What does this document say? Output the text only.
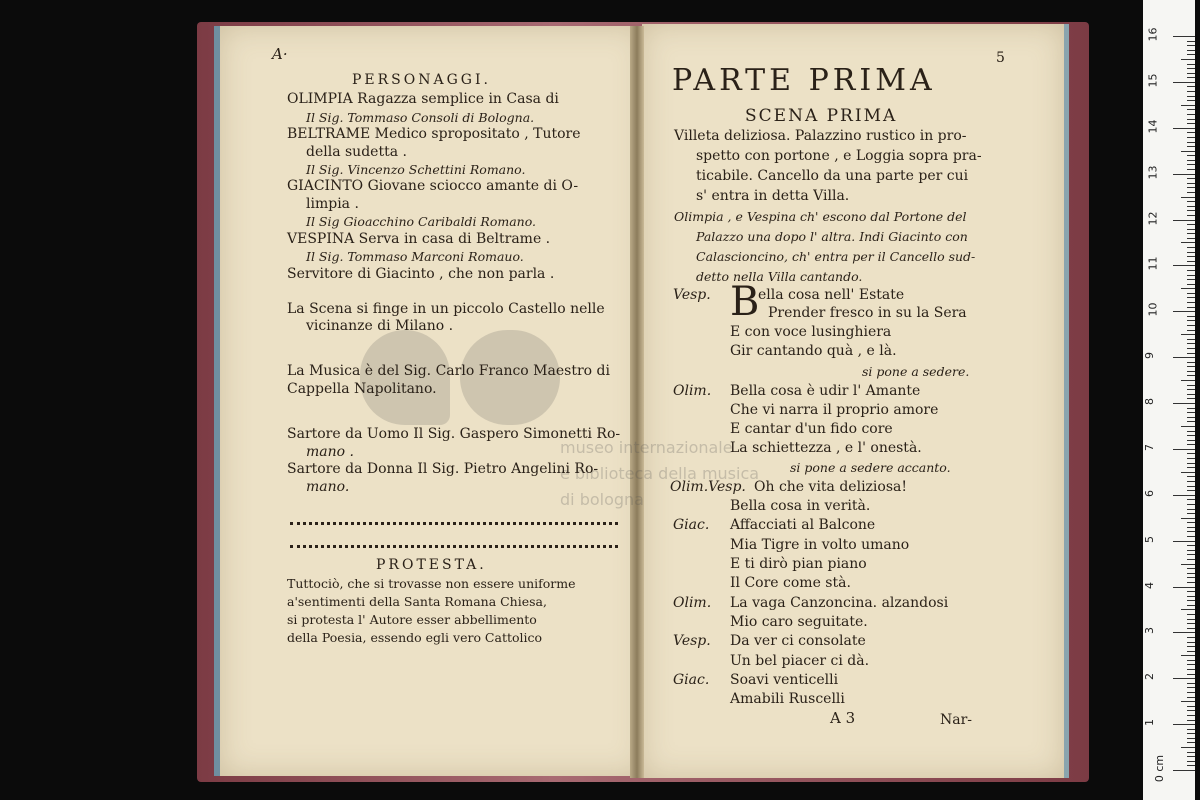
museo internazionale
e biblioteca della musica
di bologna
A·
PERSONAGGI.
OLIMPIA Ragazza semplice in Casa di
Il Sig. Tommaso Consoli di Bologna.
BELTRAME Medico spropositato , Tutore
della sudetta .
Il Sig. Vincenzo Schettini Romano.
GIACINTO Giovane sciocco amante di O-
limpia .
Il Sig Gioacchino Caribaldi Romano.
VESPINA Serva in casa di Beltrame .
Il Sig. Tommaso Marconi Romauo.
Servitore di Giacinto , che non parla .
La Scena si finge in un piccolo Castello nelle
vicinanze di Milano .
La Musica è del Sig. Carlo Franco Maestro di
Cappella Napolitano.
Sartore da Uomo Il Sig. Gaspero Simonetti Ro-
mano .
Sartore da Donna Il Sig. Pietro Angelini Ro-
mano.
PROTESTA.
Tuttociò, che si trovasse non essere uniforme
a'sentimenti della Santa Romana Chiesa,
si protesta l' Autore esser abbellimento
della Poesia, essendo egli vero Cattolico
5
PARTE PRIMA
SCENA PRIMA
Villeta deliziosa. Palazzino rustico in pro-
spetto con portone , e Loggia sopra pra-
ticabile. Cancello da una parte per cui
s' entra in detta Villa.
Olimpia , e Vespina ch' escono dal Portone del
Palazzo una dopo l' altra. Indi Giacinto con
Calascioncino, ch' entra per il Cancello sud-
detto nella Villa cantando.
B
Vesp.	ella cosa nell' Estate
Prender fresco in su la Sera
E con voce lusinghiera
Gir cantando quà , e là.
si pone a sedere.
Olim. Bella cosa è udir l' Amante
Che vi narra il proprio amore
E cantar d'un fido core
La schiettezza , e l' onestà.
si pone a sedere accanto.
Olim.Vesp. Oh che vita deliziosa!
Bella cosa in verità.
Giac. Affacciati al Balcone
Mia Tigre in volto umano
E ti dirò pian piano
Il Core come stà.
Olim. La vaga Canzoncina. alzandosi
Mio caro seguitate.
Vesp. Da ver ci consolate
Un bel piacer ci dà.
Giac. Soavi venticelli
Amabili Ruscelli
A 3	Nar-
0 cm
1
2
3
4
5
6
7
8
9
10
11
12
13
14
15
16
